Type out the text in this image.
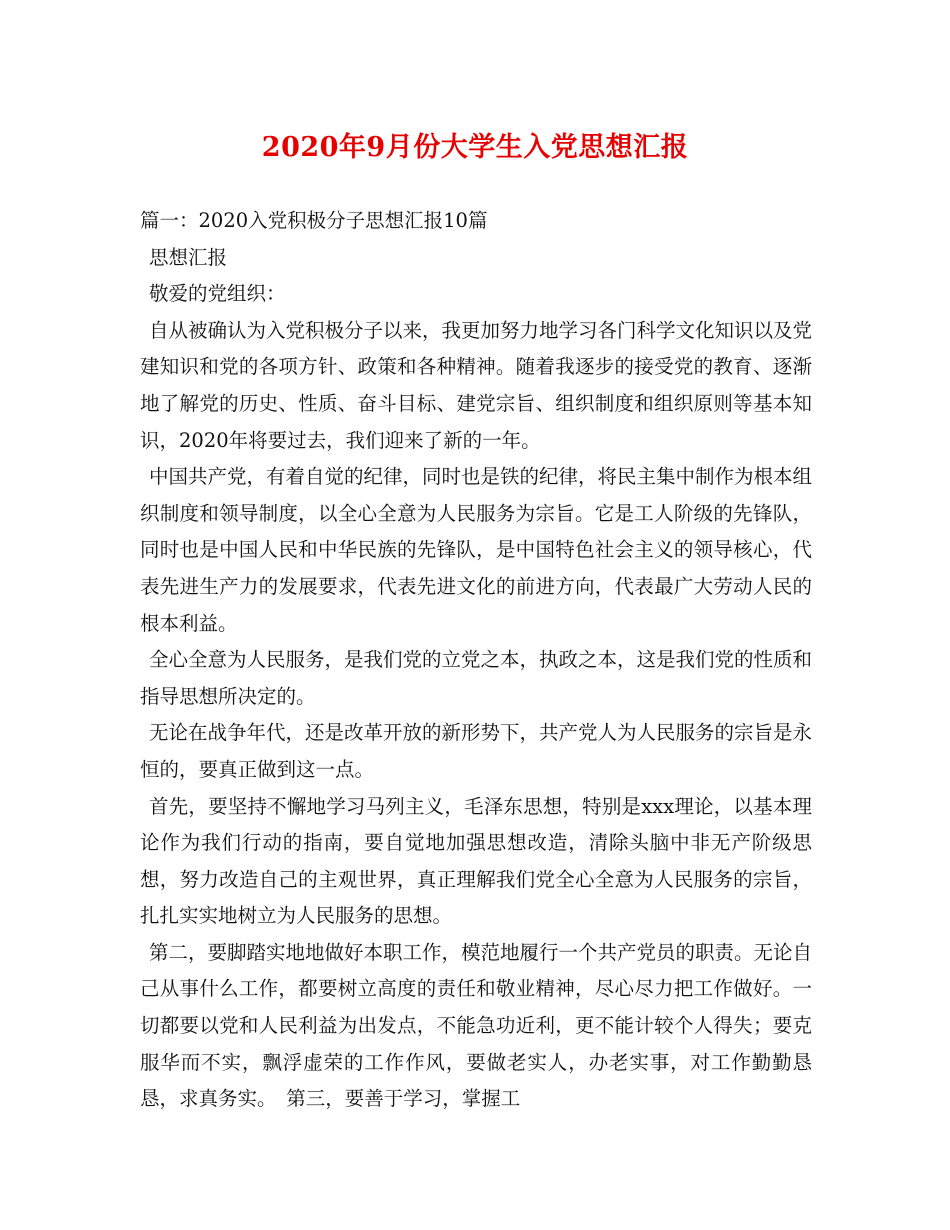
2020年9月份大学生入党思想汇报

篇一：2020入党积极分子思想汇报10篇

思想汇报

敬爱的党组织：

自从被确认为入党积极分子以来，我更加努力地学习各门科学文化知识以及党建知识和党的各项方针、政策和各种精神。随着我逐步的接受党的教育、逐渐地了解党的历史、性质、奋斗目标、建党宗旨、组织制度和组织原则等基本知识，2020年将要过去，我们迎来了新的一年。

中国共产党，有着自觉的纪律，同时也是铁的纪律，将民主集中制作为根本组织制度和领导制度，以全心全意为人民服务为宗旨。它是工人阶级的先锋队，同时也是中国人民和中华民族的先锋队，是中国特色社会主义的领导核心，代表先进生产力的发展要求，代表先进文化的前进方向，代表最广大劳动人民的根本利益。

全心全意为人民服务，是我们党的立党之本，执政之本，这是我们党的性质和指导思想所决定的。

无论在战争年代，还是改革开放的新形势下，共产党人为人民服务的宗旨是永恒的，要真正做到这一点。

首先，要坚持不懈地学习马列主义，毛泽东思想，特别是xxx理论，以基本理论作为我们行动的指南，要自觉地加强思想改造，清除头脑中非无产阶级思想，努力改造自己的主观世界，真正理解我们党全心全意为人民服务的宗旨，扎扎实实地树立为人民服务的思想。

第二，要脚踏实地地做好本职工作，模范地履行一个共产党员的职责。无论自己从事什么工作，都要树立高度的责任和敬业精神，尽心尽力把工作做好。一切都要以党和人民利益为出发点，不能急功近利，更不能计较个人得失；要克服华而不实，飘浮虚荣的工作作风，要做老实人，办老实事，对工作勤勤恳恳，求真务实。　第三，要善于学习，掌握工
